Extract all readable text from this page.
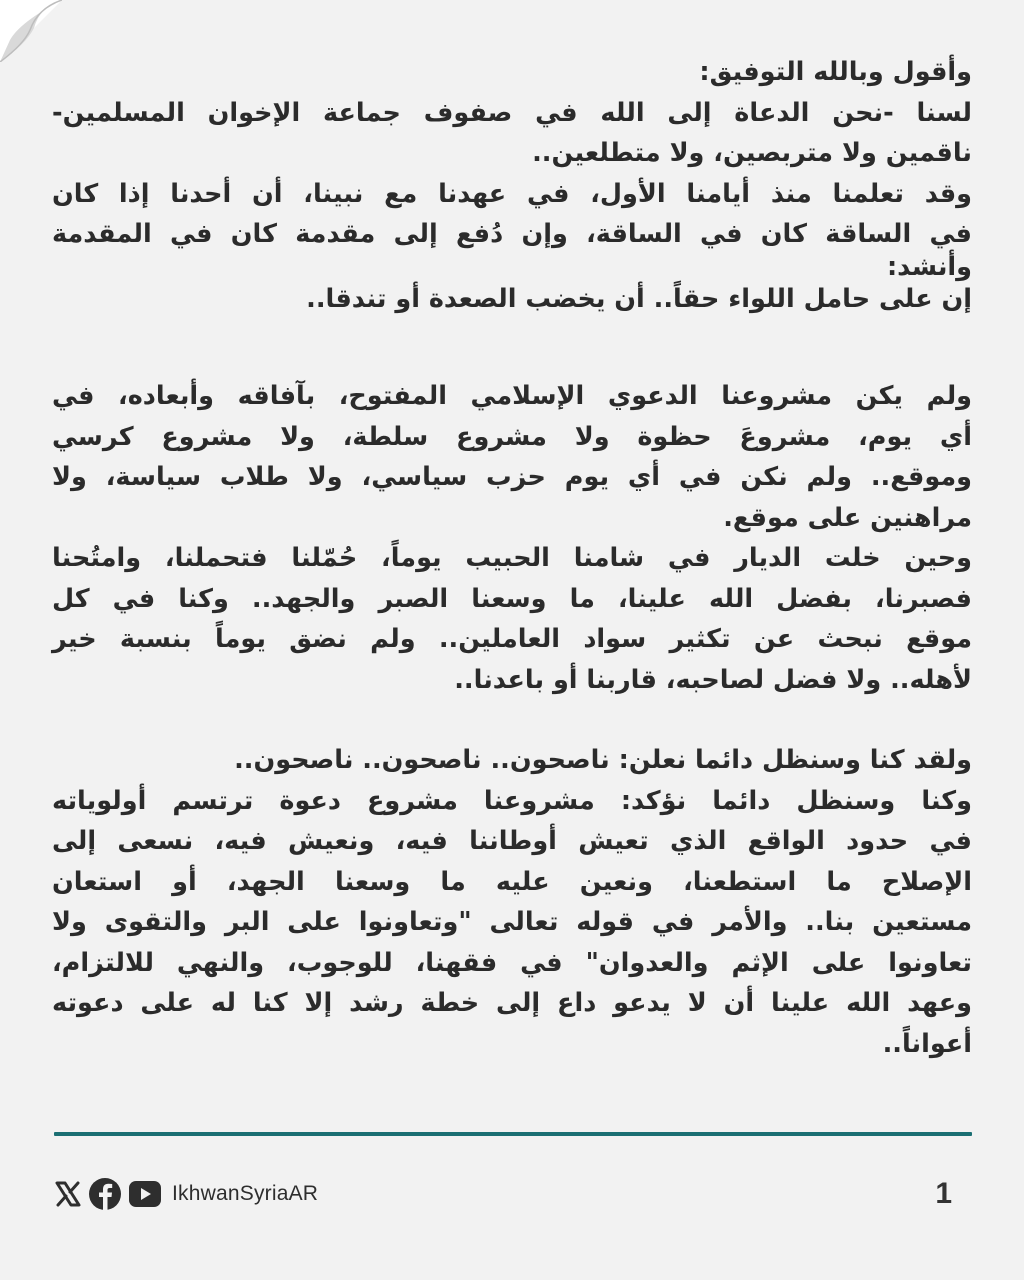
وأقول وبالله التوفيق:
لسنا -نحن الدعاة إلى الله في صفوف جماعة الإخوان المسلمين-
ناقمين ولا متربصين، ولا متطلعين..
وقد تعلمنا منذ أيامنا الأول، في عهدنا مع نبينا، أن أحدنا إذا كان
في الساقة كان في الساقة، وإن دُفع إلى مقدمة كان في المقدمة
وأنشد:
إن على حامل اللواء حقاً.. أن يخضب الصعدة أو تندقا..
ولم يكن مشروعنا الدعوي الإسلامي المفتوح، بآفاقه وأبعاده، في
أي يوم، مشروعَ حظوة ولا مشروع سلطة، ولا مشروع كرسي
وموقع.. ولم نكن في أي يوم حزب سياسي، ولا طلاب سياسة، ولا
مراهنين على موقع.
وحين خلت الديار في شامنا الحبيب يوماً، حُمّلنا فتحملنا، وامتُحنا
فصبرنا، بفضل الله علينا، ما وسعنا الصبر والجهد.. وكنا في كل
موقع نبحث عن تكثير سواد العاملين.. ولم نضق يوماً بنسبة خير
لأهله.. ولا فضل لصاحبه، قاربنا أو باعدنا..
ولقد كنا وسنظل دائما نعلن: ناصحون.. ناصحون.. ناصحون..
وكنا وسنظل دائما نؤكد: مشروعنا مشروع دعوة ترتسم أولوياته
في حدود الواقع الذي تعيش أوطاننا فيه، ونعيش فيه، نسعى إلى
الإصلاح ما استطعنا، ونعين عليه ما وسعنا الجهد، أو استعان
مستعين بنا.. والأمر في قوله تعالى "وتعاونوا على البر والتقوى ولا
تعاونوا على الإثم والعدوان" في فقهنا، للوجوب، والنهي للالتزام،
وعهد الله علينا أن لا يدعو داع إلى خطة رشد إلا كنا له على دعوته
أعواناً..
IkhwanSyriaAR	1
